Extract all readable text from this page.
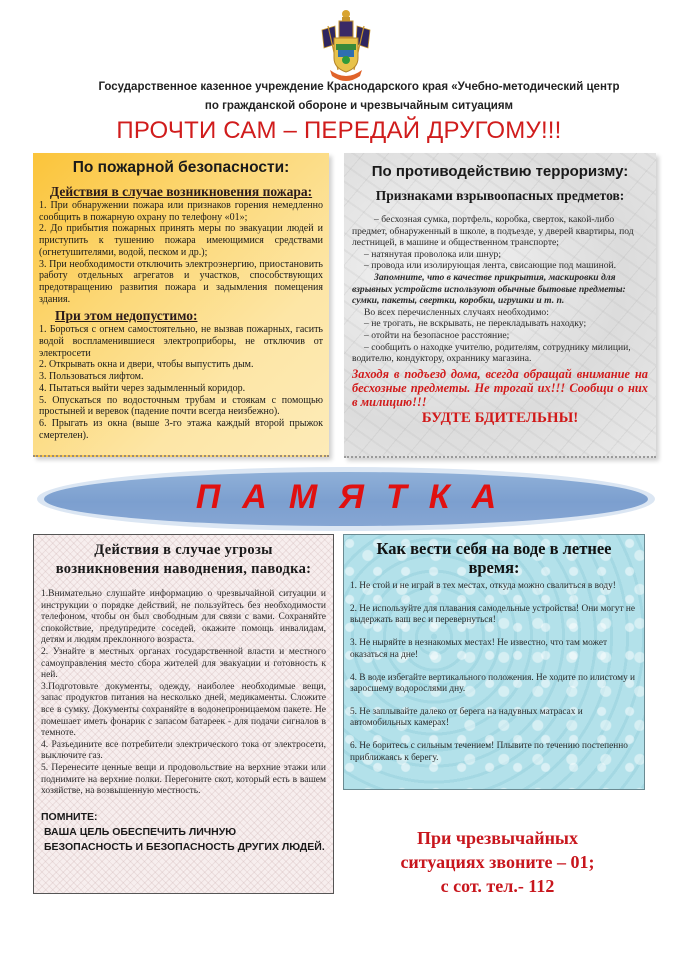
Государственное казенное учреждение Краснодарского края «Учебно-методический центр
по гражданской обороне и чрезвычайным ситуациям
ПРОЧТИ САМ – ПЕРЕДАЙ ДРУГОМУ!!!
По пожарной безопасности:
Действия в случае возникновения пожара:

1. При обнаружении пожара или признаков горения немедленно сообщить в пожарную охрану по телефону «01»;

2. До прибытия пожарных принять меры по эвакуации людей и приступить к тушению пожара имеющимися средствами (огнетушителями, водой, песком и др.);

3. При необходимости отключить электроэнергию, приостановить работу отдельных агрегатов и участков, способствующих предотвращению развития пожара и задымления помещения здания.

При этом недопустимо:

1. Бороться с огнем самостоятельно, не вызвав пожарных, гасить водой воспламенившиеся электроприборы, не отключив от электросети

2. Открывать окна и двери, чтобы выпустить дым.

3. Пользоваться лифтом.

4. Пытаться выйти через задымленный коридор.

5. Опускаться по водосточным трубам и стоякам с помощью простыней и веревок (падение почти всегда неизбежно).

6. Прыгать из окна (выше 3-го этажа каждый второй прыжок смертелен).

По противодействию терроризму:
Признаками взрывоопасных предметов:

– бесхозная сумка, портфель, коробка, сверток, какой-либо предмет, обнаруженный в школе, в подъезде, у дверей квартиры, под лестницей, в машине и общественном транспорте;

– натянутая проволока или шнур;

– провода или изолирующая лента, свисающие под машиной.

Запомните, что в качестве прикрытия, маскировки для взрывных устройств используют обычные бытовые предметы: сумки, пакеты, свертки, коробки, игрушки и т. п.

Во всех перечисленных случаях необходимо:

– не трогать, не вскрывать, не перекладывать находку;

– отойти на безопасное расстояние;

– сообщить о находке учителю, родителям, сотруднику милиции, водителю, кондуктору, охраннику магазина.

Заходя в подъезд дома, всегда обращай внимание на бесхозные предметы. Не трогай их!!! Сообщи о них в милицию!!!

БУДТЕ БДИТЕЛЬНЫ!

ПАМЯТКА
Действия в случае угрозы
возникновения наводнения, паводка:

1.Внимательно слушайте информацию о чрезвычайной ситуации и инструкции о порядке действий, не пользуйтесь без необходимости телефоном, чтобы он был свободным для связи с вами. Сохраняйте спокойствие, предупредите соседей, окажите помощь инвалидам, детям и людям преклонного возраста.

2. Узнайте в местных органах государственной власти и местного самоуправления место сбора жителей для эвакуации и готовность к ней.

3.Подготовьте документы, одежду, наиболее необходимые вещи, запас продуктов питания на несколько дней, медикаменты. Сложите все в сумку. Документы сохраняйте в водонепроницаемом пакете. Не помешает иметь фонарик с запасом батареек - для подачи сигналов в темноте.

4. Разъедините все потребители электрического тока от электросети, выключите газ.

5. Перенесите ценные вещи и продовольствие на верхние этажи или поднимите на верхние полки. Перегоните скот, который есть в вашем хозяйстве, на возвышенную местность.

ПОМНИТЕ:
ВАША ЦЕЛЬ ОБЕСПЕЧИТЬ ЛИЧНУЮ БЕЗОПАСНОСТЬ И БЕЗОПАСНОСТЬ ДРУГИХ ЛЮДЕЙ.
Как вести себя на воде в летнее время:

1. Не стой и не играй в тех местах, откуда можно свалиться в воду!

2. Не используйте для плавания самодельные устройства! Они могут не выдержать ваш вес и перевернуться!

3. Не ныряйте в незнакомых местах! Не известно, что там может оказаться на дне!

4. В воде избегайте вертикального положения. Не ходите по илистому и заросшему водорослями дну.

5. Не заплывайте далеко от берега на надувных матрасах и автомобильных камерах!

6. Не боритесь с сильным течением! Плывите по течению постепенно приближаясь к берегу.

При чрезвычайных
ситуациях звоните – 01;
с сот. тел.- 112
